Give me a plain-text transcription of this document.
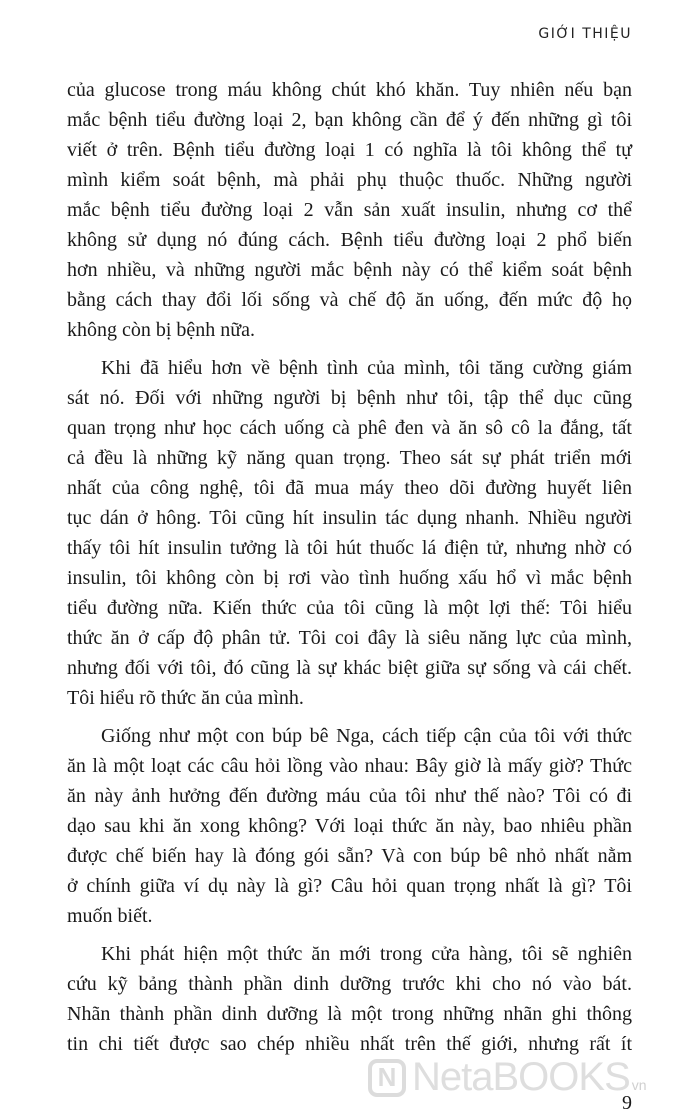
GIỚI THIỆU
của glucose trong máu không chút khó khăn. Tuy nhiên nếu bạn
mắc bệnh tiểu đường loại 2, bạn không cần để ý đến những gì tôi
viết ở trên. Bệnh tiểu đường loại 1 có nghĩa là tôi không thể tự
mình kiểm soát bệnh, mà phải phụ thuộc thuốc. Những người
mắc bệnh tiểu đường loại 2 vẫn sản xuất insulin, nhưng cơ thể
không sử dụng nó đúng cách. Bệnh tiểu đường loại 2 phổ biến
hơn nhiều, và những người mắc bệnh này có thể kiểm soát bệnh
bằng cách thay đổi lối sống và chế độ ăn uống, đến mức độ họ
không còn bị bệnh nữa.
Khi đã hiểu hơn về bệnh tình của mình, tôi tăng cường giám
sát nó. Đối với những người bị bệnh như tôi, tập thể dục cũng
quan trọng như học cách uống cà phê đen và ăn sô cô la đắng, tất
cả đều là những kỹ năng quan trọng. Theo sát sự phát triển mới
nhất của công nghệ, tôi đã mua máy theo dõi đường huyết liên
tục dán ở hông. Tôi cũng hít insulin tác dụng nhanh. Nhiều người
thấy tôi hít insulin tưởng là tôi hút thuốc lá điện tử, nhưng nhờ có
insulin, tôi không còn bị rơi vào tình huống xấu hổ vì mắc bệnh
tiểu đường nữa. Kiến thức của tôi cũng là một lợi thế: Tôi hiểu
thức ăn ở cấp độ phân tử. Tôi coi đây là siêu năng lực của mình,
nhưng đối với tôi, đó cũng là sự khác biệt giữa sự sống và cái chết.
Tôi hiểu rõ thức ăn của mình.
Giống như một con búp bê Nga, cách tiếp cận của tôi với thức
ăn là một loạt các câu hỏi lồng vào nhau: Bây giờ là mấy giờ? Thức
ăn này ảnh hưởng đến đường máu của tôi như thế nào? Tôi có đi
dạo sau khi ăn xong không? Với loại thức ăn này, bao nhiêu phần
được chế biến hay là đóng gói sẵn? Và con búp bê nhỏ nhất nằm
ở chính giữa ví dụ này là gì? Câu hỏi quan trọng nhất là gì? Tôi
muốn biết.
Khi phát hiện một thức ăn mới trong cửa hàng, tôi sẽ nghiên
cứu kỹ bảng thành phần dinh dưỡng trước khi cho nó vào bát.
Nhãn thành phần dinh dưỡng là một trong những nhãn ghi thông
tin chi tiết được sao chép nhiều nhất trên thế giới, nhưng rất ít
9
N NetaBOOKS vn
